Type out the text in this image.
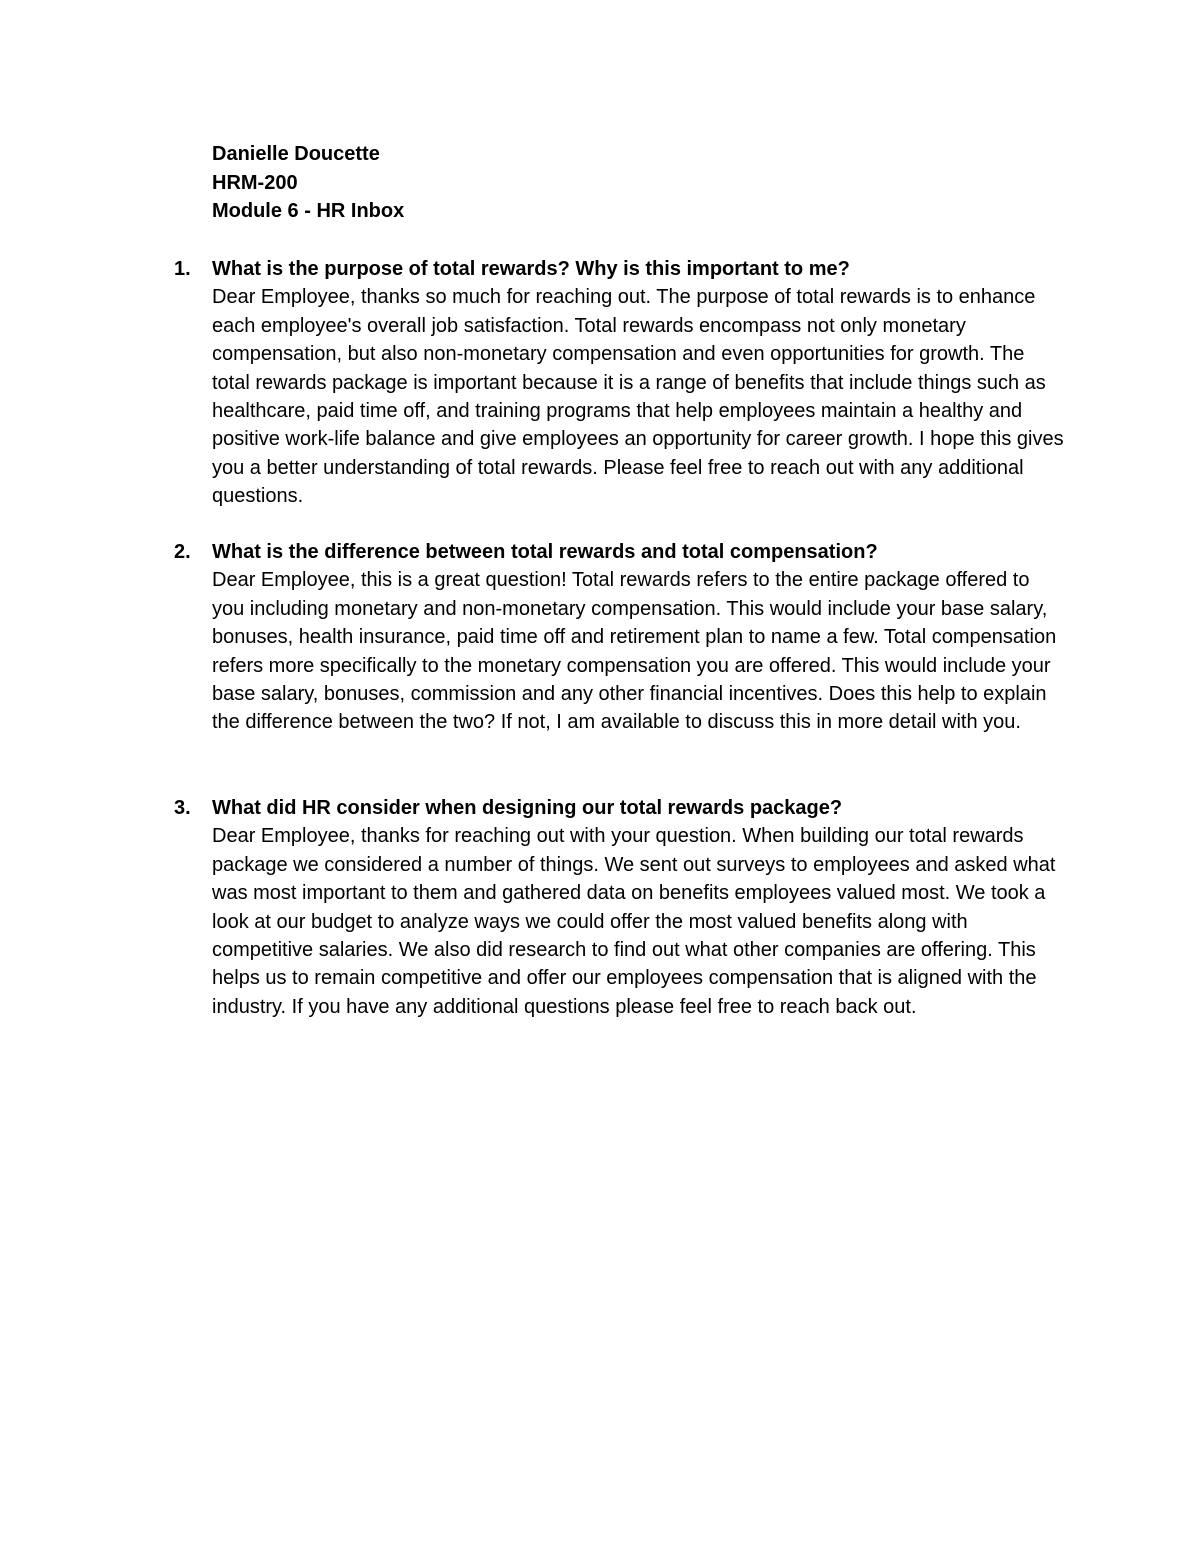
Danielle Doucette
HRM-200
Module 6 - HR Inbox
1. What is the purpose of total rewards? Why is this important to me?
Dear Employee, thanks so much for reaching out. The purpose of total rewards is to enhance each employee's overall job satisfaction. Total rewards encompass not only monetary compensation, but also non-monetary compensation and even opportunities for growth. The total rewards package is important because it is a range of benefits that include things such as healthcare, paid time off, and training programs that help employees maintain a healthy and positive work-life balance and give employees an opportunity for career growth. I hope this gives you a better understanding of total rewards. Please feel free to reach out with any additional questions.
2. What is the difference between total rewards and total compensation?
Dear Employee, this is a great question! Total rewards refers to the entire package offered to you including monetary and non-monetary compensation. This would include your base salary, bonuses, health insurance, paid time off and retirement plan to name a few. Total compensation refers more specifically to the monetary compensation you are offered. This would include your base salary, bonuses, commission and any other financial incentives. Does this help to explain the difference between the two? If not, I am available to discuss this in more detail with you.
3. What did HR consider when designing our total rewards package?
Dear Employee, thanks for reaching out with your question. When building our total rewards package we considered a number of things. We sent out surveys to employees and asked what was most important to them and gathered data on benefits employees valued most. We took a look at our budget to analyze ways we could offer the most valued benefits along with competitive salaries. We also did research to find out what other companies are offering. This helps us to remain competitive and offer our employees compensation that is aligned with the industry. If you have any additional questions please feel free to reach back out.
